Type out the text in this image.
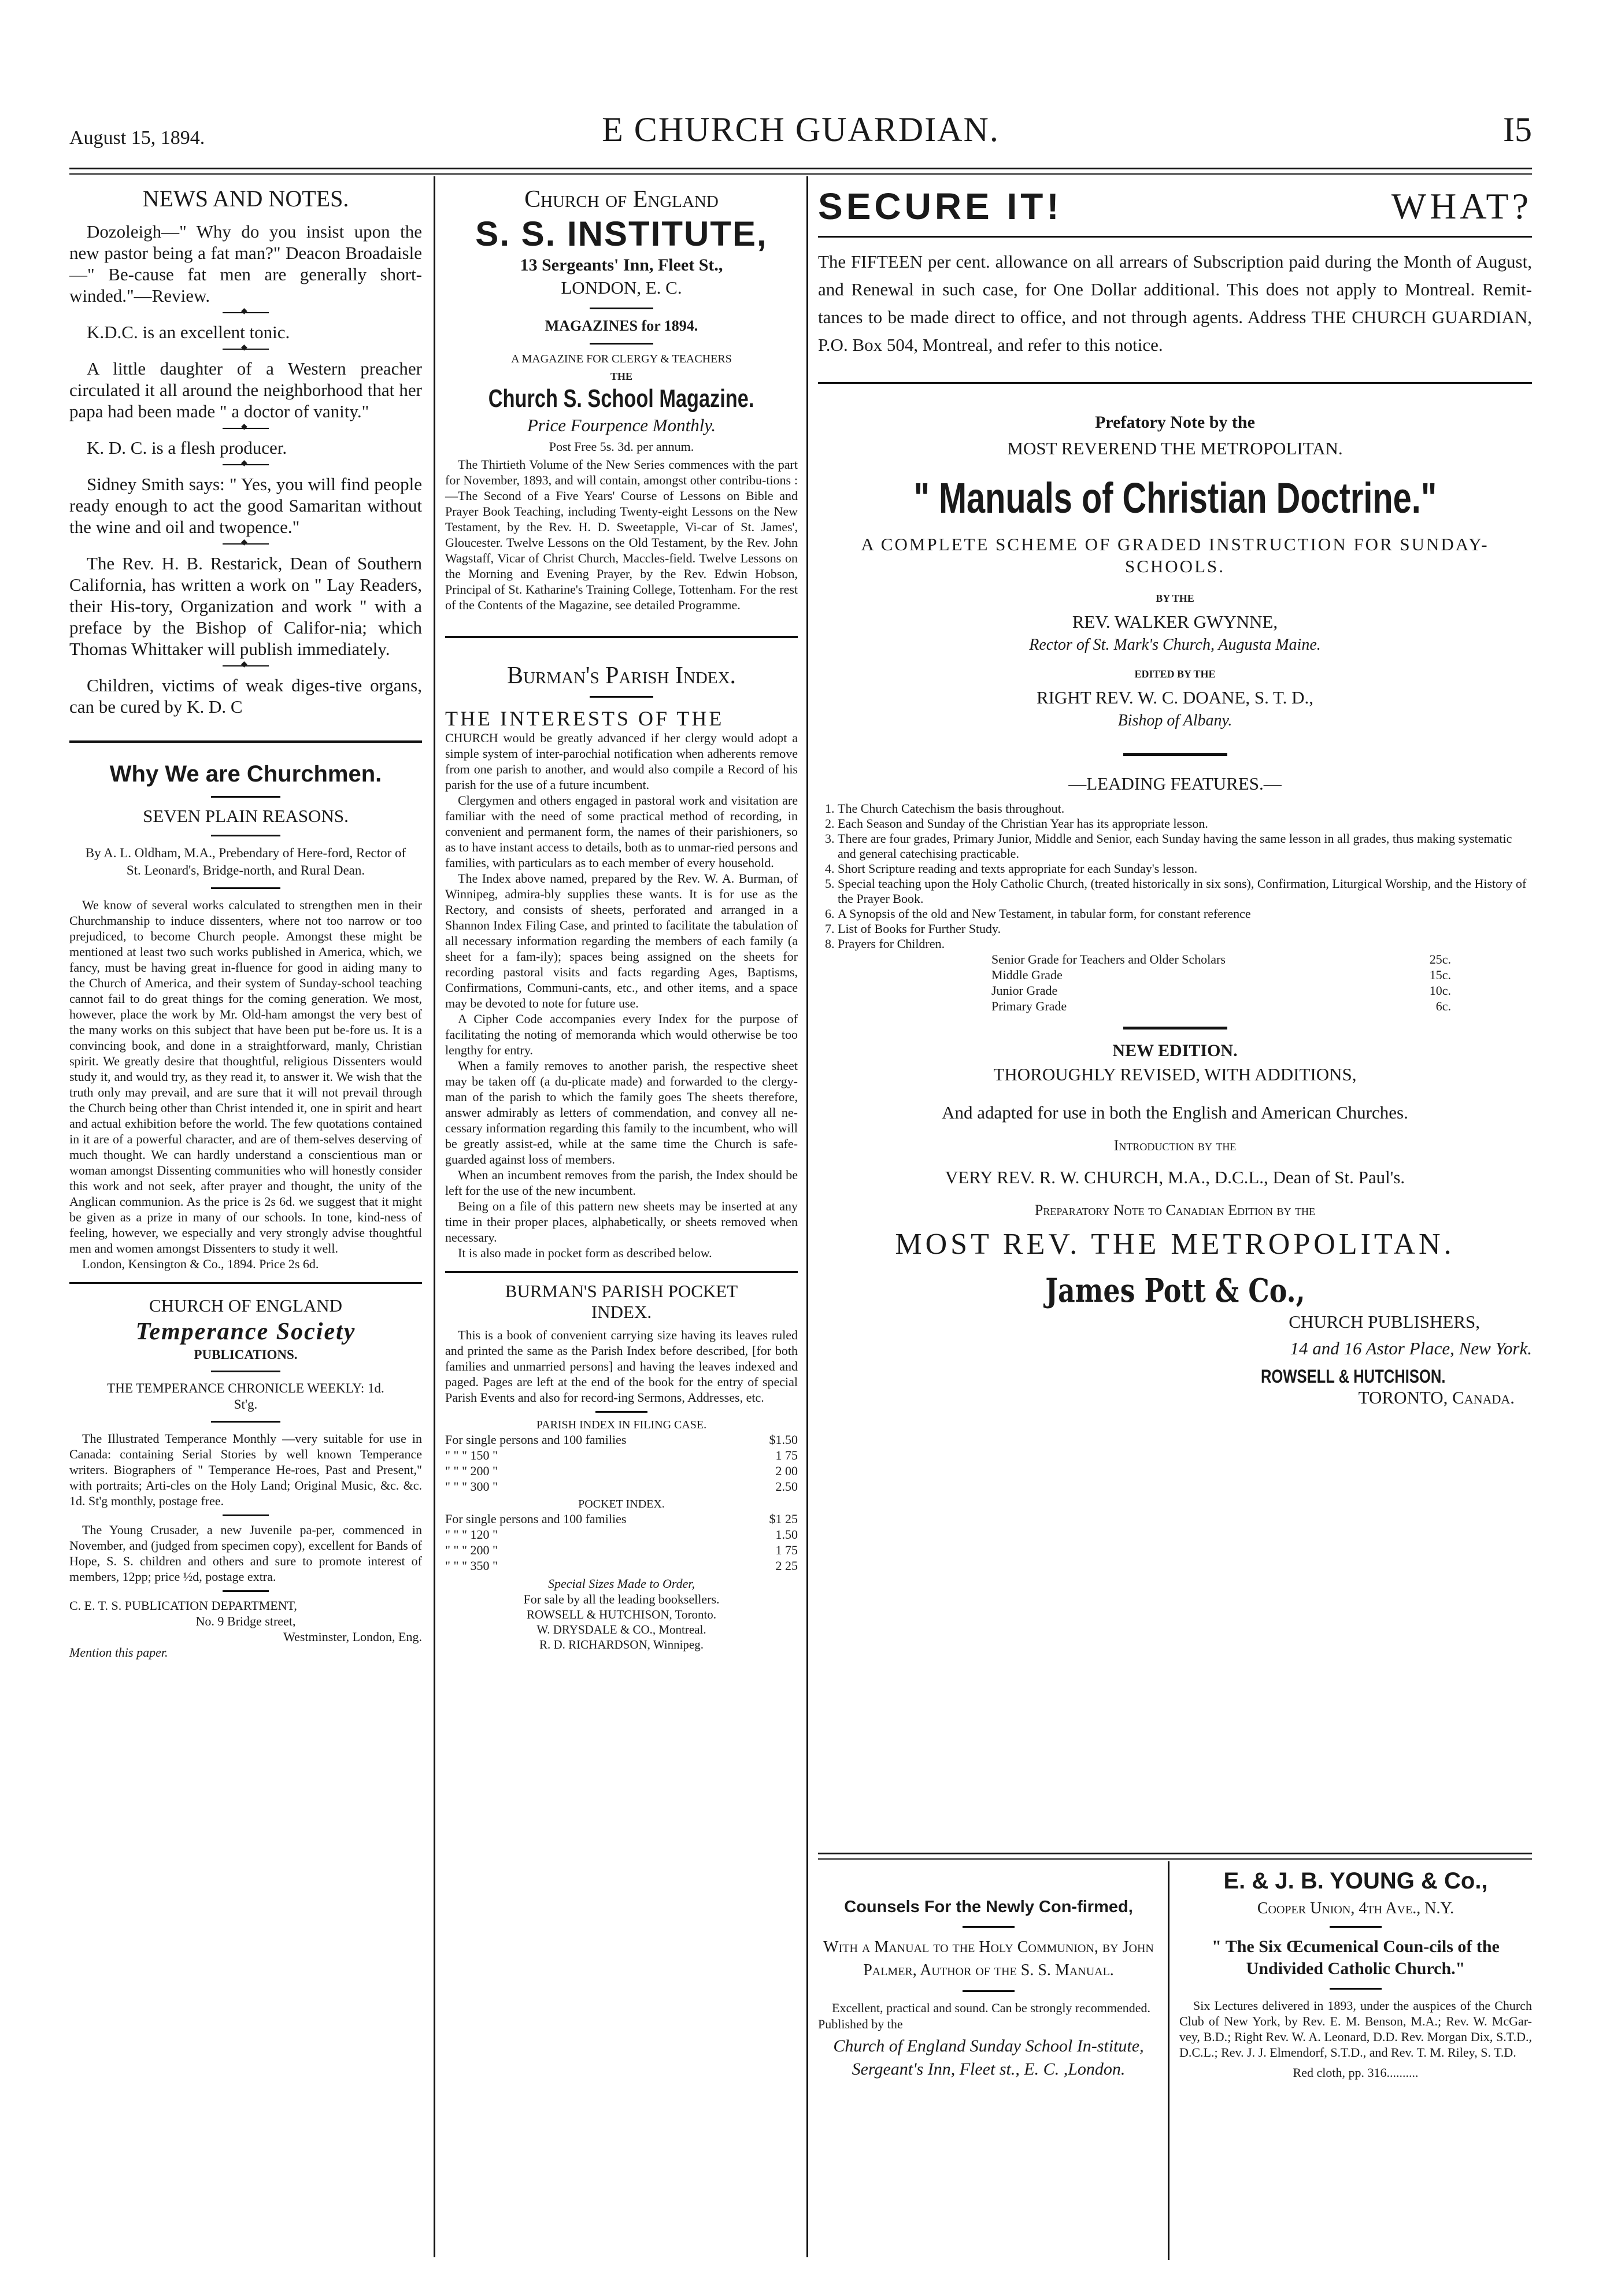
August 15, 1894.	E CHURCH GUARDIAN.	I5
NEWS AND NOTES.

Dozoleigh—" Why do you insist upon the new pastor being a fat man?" Deacon Broadaisle—" Be-cause fat men are generally short-winded."—Review.

◆

K.D.C. is an excellent tonic.

◆

A little daughter of a Western preacher circulated it all around the neighborhood that her papa had been made " a doctor of vanity."

◆

K. D. C. is a flesh producer.

◆

Sidney Smith says: " Yes, you will find people ready enough to act the good Samaritan without the wine and oil and twopence."

◆

The Rev. H. B. Restarick, Dean of Southern California, has written a work on " Lay Readers, their His-tory, Organization and work " with a preface by the Bishop of Califor-nia; which Thomas Whittaker will publish immediately.

◆

Children, victims of weak diges-tive organs, can be cured by K. D. C

Why We are Churchmen.
SEVEN PLAIN REASONS.
By A. L. Oldham, M.A., Prebendary of Here-ford, Rector of St. Leonard's, Bridge-north, and Rural Dean.

We know of several works calculated to strengthen men in their Churchmanship to induce dissenters, where not too narrow or too prejudiced, to become Church people. Amongst these might be mentioned at least two such works published in America, which, we fancy, must be having great in-fluence for good in aiding many to the Church of America, and their system of Sunday-school teaching cannot fail to do great things for the coming generation. We most, however, place the work by Mr. Old-ham amongst the very best of the many works on this subject that have been put be-fore us. It is a convincing book, and done in a straightforward, manly, Christian spirit. We greatly desire that thoughtful, religious Dissenters would study it, and would try, as they read it, to answer it. We wish that the truth only may prevail, and are sure that it will not prevail through the Church being other than Christ intended it, one in spirit and heart and actual exhibition before the world. The few quotations contained in it are of a powerful character, and are of them-selves deserving of much thought. We can hardly understand a conscientious man or woman amongst Dissenting communities who will honestly consider this work and not seek, after prayer and thought, the unity of the Anglican communion. As the price is 2s 6d. we suggest that it might be given as a prize in many of our schools. In tone, kind-ness of feeling, however, we especially and very strongly advise thoughtful men and women amongst Dissenters to study it well.

London, Kensington & Co., 1894. Price 2s 6d.

CHURCH OF ENGLAND
Temperance Society
PUBLICATIONS.
THE TEMPERANCE CHRONICLE WEEKLY: 1d. St'g.

The Illustrated Temperance Monthly —very suitable for use in Canada: containing Serial Stories by well known Temperance writers. Biographers of " Temperance He-roes, Past and Present," with portraits; Arti-cles on the Holy Land; Original Music, &c. &c. 1d. St'g monthly, postage free.

The Young Crusader, a new Juvenile pa-per, commenced in November, and (judged from specimen copy), excellent for Bands of Hope, S. S. children and others and sure to promote interest of members, 12pp; price ½d, postage extra.

C. E. T. S. PUBLICATION DEPARTMENT,
No. 9 Bridge street,
Westminster, London, Eng.
Mention this paper.
Church of England
S. S. INSTITUTE,
13 Sergeants' Inn, Fleet St.,
LONDON, E. C.
MAGAZINES for 1894.
A MAGAZINE FOR CLERGY & TEACHERS
THE
Church S. School Magazine.
Price Fourpence Monthly.
Post Free 5s. 3d. per annum.

The Thirtieth Volume of the New Series commences with the part for November, 1893, and will contain, amongst other contribu-tions :—The Second of a Five Years' Course of Lessons on Bible and Prayer Book Teaching, including Twenty-eight Lessons on the New Testament, by the Rev. H. D. Sweetapple, Vi-car of St. James', Gloucester. Twelve Lessons on the Old Testament, by the Rev. John Wagstaff, Vicar of Christ Church, Maccles-field. Twelve Lessons on the Morning and Evening Prayer, by the Rev. Edwin Hobson, Principal of St. Katharine's Training College, Tottenham. For the rest of the Contents of the Magazine, see detailed Programme.

Burman's Parish Index.
THE INTERESTS OF THE

CHURCH would be greatly advanced if her clergy would adopt a simple system of inter-parochial notification when adherents remove from one parish to another, and would also compile a Record of his parish for the use of a future incumbent.

Clergymen and others engaged in pastoral work and visitation are familiar with the need of some practical method of recording, in convenient and permanent form, the names of their parishioners, so as to have instant access to details, both as to unmar-ried persons and families, with particulars as to each member of every household.

The Index above named, prepared by the Rev. W. A. Burman, of Winnipeg, admira-bly supplies these wants. It is for use as the Rectory, and consists of sheets, perforated and arranged in a Shannon Index Filing Case, and printed to facilitate the tabulation of all necessary information regarding the members of each family (a sheet for a fam-ily); spaces being assigned on the sheets for recording pastoral visits and facts regarding Ages, Baptisms, Confirmations, Communi-cants, etc., and other items, and a space may be devoted to note for future use.

A Cipher Code accompanies every Index for the purpose of facilitating the noting of memoranda which would otherwise be too lengthy for entry.

When a family removes to another parish, the respective sheet may be taken off (a du-plicate made) and forwarded to the clergy-man of the parish to which the family goes The sheets therefore, answer admirably as letters of commendation, and convey all ne-cessary information regarding this family to the incumbent, who will be greatly assist-ed, while at the same time the Church is safe-guarded against loss of members.

When an incumbent removes from the parish, the Index should be left for the use of the new incumbent.

Being on a file of this pattern new sheets may be inserted at any time in their proper places, alphabetically, or sheets removed when necessary.

It is also made in pocket form as described below.

BURMAN'S PARISH POCKET
INDEX.

This is a book of convenient carrying size having its leaves ruled and printed the same as the Parish Index before described, [for both families and unmarried persons] and having the leaves indexed and paged. Pages are left at the end of the book for the entry of special Parish Events and also for record-ing Sermons, Addresses, etc.

PARISH INDEX IN FILING CASE.
For single persons and 100 families	$1.50
" " " 150 "	1 75
" " " 200 "	2 00
" " " 300 "	2.50
POCKET INDEX.
For single persons and 100 families	$1 25
" " " 120 "	1.50
" " " 200 "	1 75
" " " 350 "	2 25
Special Sizes Made to Order,
For sale by all the leading booksellers.
ROWSELL & HUTCHISON, Toronto.
W. DRYSDALE & CO., Montreal.
R. D. RICHARDSON, Winnipeg.
SECURE IT!	WHAT?
The FIFTEEN per cent. allowance on all arrears of Subscription paid during the Month of August, and Renewal in such case, for One Dollar additional. This does not apply to Montreal. Remit-tances to be made direct to office, and not through agents. Address THE CHURCH GUARDIAN, P.O. Box 504, Montreal, and refer to this notice.
Prefatory Note by the
MOST REVEREND THE METROPOLITAN.
" Manuals of Christian Doctrine."
A COMPLETE SCHEME OF GRADED INSTRUCTION FOR SUNDAY-SCHOOLS.
BY THE
REV. WALKER GWYNNE,
Rector of St. Mark's Church, Augusta Maine.
EDITED BY THE
RIGHT REV. W. C. DOANE, S. T. D.,
Bishop of Albany.
—LEADING FEATURES.—
1. The Church Catechism the basis throughout.
2. Each Season and Sunday of the Christian Year has its appropriate lesson.
3. There are four grades, Primary Junior, Middle and Senior, each Sunday having the same lesson in all grades, thus making systematic and general catechising practicable.
4. Short Scripture reading and texts appropriate for each Sunday's lesson.
5. Special teaching upon the Holy Catholic Church, (treated historically in six sons), Confirmation, Liturgical Worship, and the History of the Prayer Book.
6. A Synopsis of the old and New Testament, in tabular form, for constant reference
7. List of Books for Further Study.
8. Prayers for Children.
Senior Grade for Teachers and Older Scholars	25c.
Middle Grade	15c.
Junior Grade	10c.
Primary Grade	6c.
NEW EDITION.
THOROUGHLY REVISED, WITH ADDITIONS,
And adapted for use in both the English and American Churches.
Introduction by the
VERY REV. R. W. CHURCH, M.A., D.C.L., Dean of St. Paul's.
Preparatory Note to Canadian Edition by the
MOST REV. THE METROPOLITAN.
James Pott & Co.,
CHURCH PUBLISHERS,
14 and 16 Astor Place, New York.
ROWSELL & HUTCHISON.
TORONTO, Canada.
Counsels For the Newly Con-firmed,
With a Manual to the Holy Communion, by John Palmer, Author of the S. S. Manual.
Excellent, practical and sound. Can be strongly recommended.
Published by the
Church of England Sunday School In-stitute, Sergeant's Inn, Fleet st., E. C. ,London.
E. & J. B. YOUNG & Co.,
Cooper Union, 4th Ave., N.Y.
" The Six Œcumenical Coun-cils of the Undivided Catholic Church."
Six Lectures delivered in 1893, under the auspices of the Church Club of New York, by Rev. E. M. Benson, M.A.; Rev. W. McGar-vey, B.D.; Right Rev. W. A. Leonard, D.D. Rev. Morgan Dix, S.T.D., D.C.L.; Rev. J. J. Elmendorf, S.T.D., and Rev. T. M. Riley, S. T.D.
Red cloth, pp. 316..........
